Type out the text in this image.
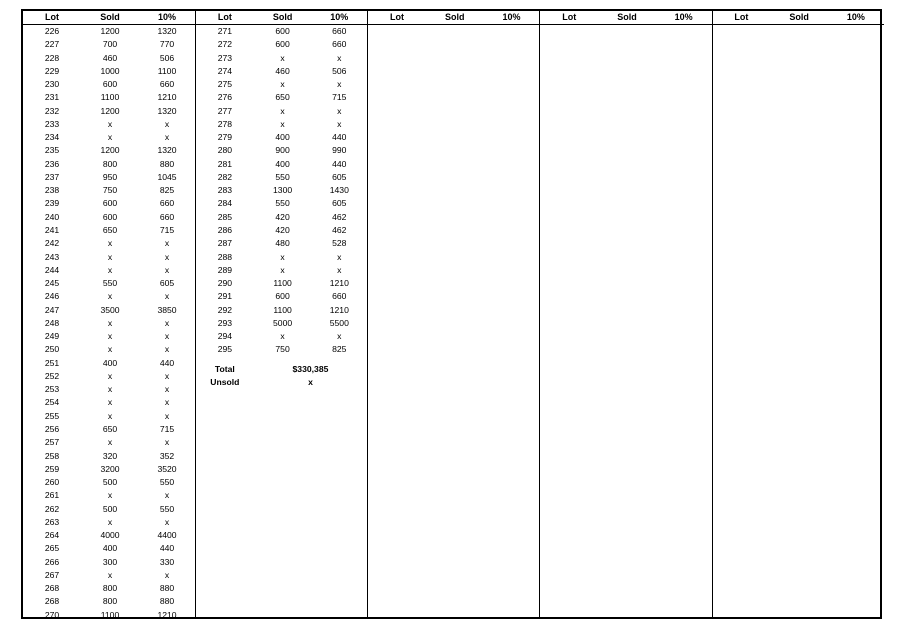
Lot	Sold	10%
226	1200	1320
227	700	770
228	460	506
229	1000	1100
230	600	660
231	1100	1210
232	1200	1320
233	x	x
234	x	x
235	1200	1320
236	800	880
237	950	1045
238	750	825
239	600	660
240	600	660
241	650	715
242	x	x
243	x	x
244	x	x
245	550	605
246	x	x
247	3500	3850
248	x	x
249	x	x
250	x	x
251	400	440
252	x	x
253	x	x
254	x	x
255	x	x
256	650	715
257	x	x
258	320	352
259	3200	3520
260	500	550
261	x	x
262	500	550
263	x	x
264	4000	4400
265	400	440
266	300	330
267	x	x
268	800	880
268	800	880
270	1100	1210
Lot	Sold	10%
271	600	660
272	600	660
273	x	x
274	460	506
275	x	x
276	650	715
277	x	x
278	x	x
279	400	440
280	900	990
281	400	440
282	550	605
283	1300	1430
284	550	605
285	420	462
286	420	462
287	480	528
288	x	x
289	x	x
290	1100	1210
291	600	660
292	1100	1210
293	5000	5500
294	x	x
295	750	825
Total	$330,385
Unsold	x
Lot	Sold	10%	Lot	Sold	10%	Lot	Sold	10%
